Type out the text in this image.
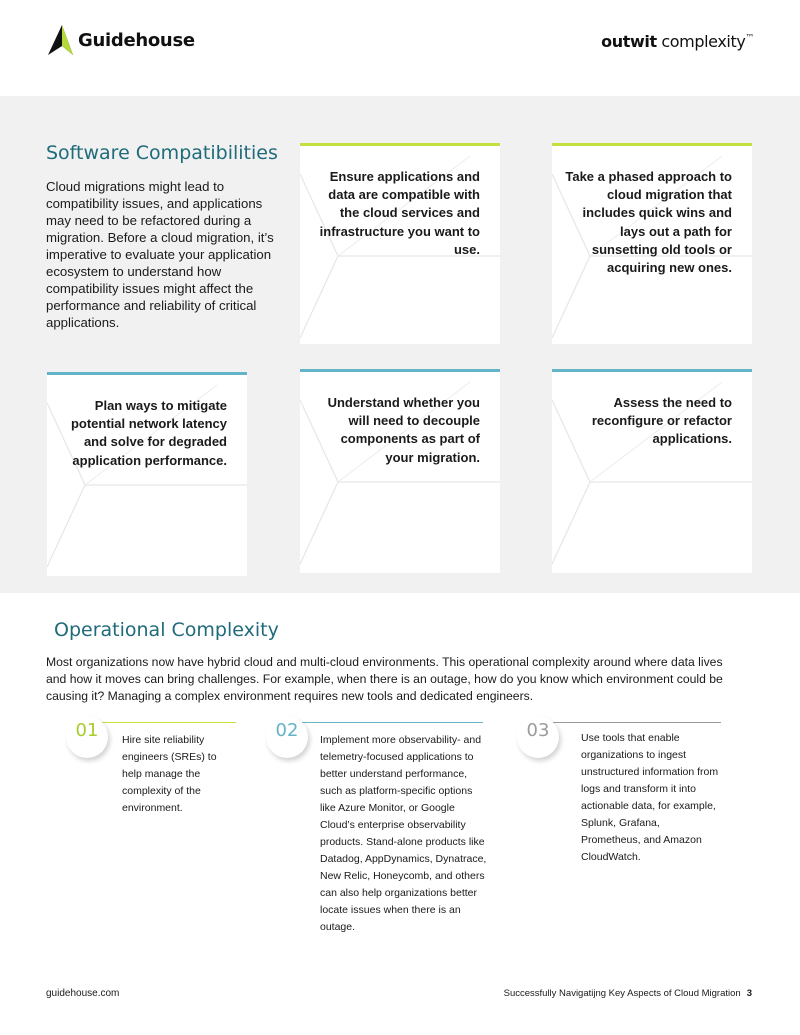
Guidehouse	outwit complexity™
Software Compatibilities
Cloud migrations might lead to compatibility issues, and applications may need to be refactored during a migration. Before a cloud migration, it’s imperative to evaluate your application ecosystem to understand how compatibility issues might affect the performance and reliability of critical applications.
Ensure applications and data are compatible with the cloud services and infrastructure you want to use.
Take a phased approach to cloud migration that includes quick wins and lays out a path for sunsetting old tools or acquiring new ones.
Plan ways to mitigate potential network latency and solve for degraded application performance.
Understand whether you will need to decouple components as part of your migration.
Assess the need to reconfigure or refactor applications.
Operational Complexity
Most organizations now have hybrid cloud and multi-cloud environments. This operational complexity around where data lives and how it moves can bring challenges. For example, when there is an outage, how do you know which environment could be causing it? Managing a complex environment requires new tools and dedicated engineers.
01	Hire site reliability engineers (SREs) to help manage the complexity of the environment.
02	Implement more observability- and telemetry-focused applications to better understand performance, such as platform-specific options like Azure Monitor, or Google Cloud’s enterprise observability products. Stand-alone products like Datadog, AppDynamics, Dynatrace, New Relic, Honeycomb, and others can also help organizations better locate issues when there is an outage.
03	Use tools that enable organizations to ingest unstructured information from logs and transform it into actionable data, for example, Splunk, Grafana, Prometheus, and Amazon CloudWatch.
guidehouse.com	Successfully Navigatijng Key Aspects of Cloud Migration 3
